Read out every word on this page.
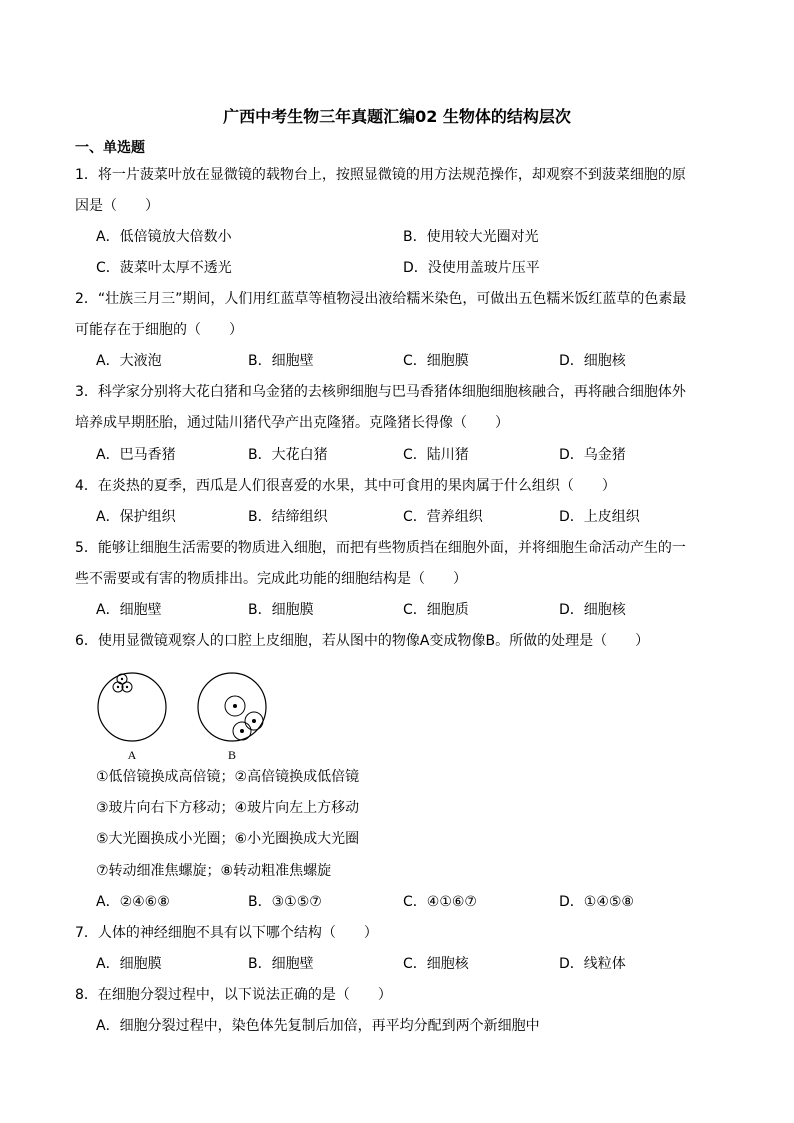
广西中考生物三年真题汇编02 生物体的结构层次
一、单选题
1．将一片菠菜叶放在显微镜的载物台上，按照显微镜的用方法规范操作，却观察不到菠菜细胞的原
因是（　　）
A．低倍镜放大倍数小	B．使用较大光圈对光
C．菠菜叶太厚不透光	D．没使用盖玻片压平
2．“壮族三月三”期间，人们用红蓝草等植物浸出液给糯米染色，可做出五色糯米饭红蓝草的色素最
可能存在于细胞的（　　）
A．大液泡	B．细胞壁	C．细胞膜	D．细胞核
3．科学家分别将大花白猪和乌金猪的去核卵细胞与巴马香猪体细胞细胞核融合，再将融合细胞体外
培养成早期胚胎，通过陆川猪代孕产出克隆猪。克隆猪长得像（　　）
A．巴马香猪	B．大花白猪	C．陆川猪	D．乌金猪
4．在炎热的夏季，西瓜是人们很喜爱的水果，其中可食用的果肉属于什么组织（　　）
A．保护组织	B．结缔组织	C．营养组织	D．上皮组织
5．能够让细胞生活需要的物质进入细胞，而把有些物质挡在细胞外面，并将细胞生命活动产生的一
些不需要或有害的物质排出。完成此功能的细胞结构是（　　）
A．细胞壁	B．细胞膜	C．细胞质	D．细胞核
6．使用显微镜观察人的口腔上皮细胞，若从图中的物像A变成物像B。所做的处理是（　　）
A	B
①低倍镜换成高倍镜；②高倍镜换成低倍镜
③玻片向右下方移动；④玻片向左上方移动
⑤大光圈换成小光圈；⑥小光圈换成大光圈
⑦转动细准焦螺旋；⑧转动粗准焦螺旋
A．②④⑥⑧	B．③①⑤⑦	C．④①⑥⑦	D．①④⑤⑧
7．人体的神经细胞不具有以下哪个结构（　　）
A．细胞膜	B．细胞壁	C．细胞核	D．线粒体
8．在细胞分裂过程中，以下说法正确的是（　　）
A．细胞分裂过程中，染色体先复制后加倍，再平均分配到两个新细胞中
